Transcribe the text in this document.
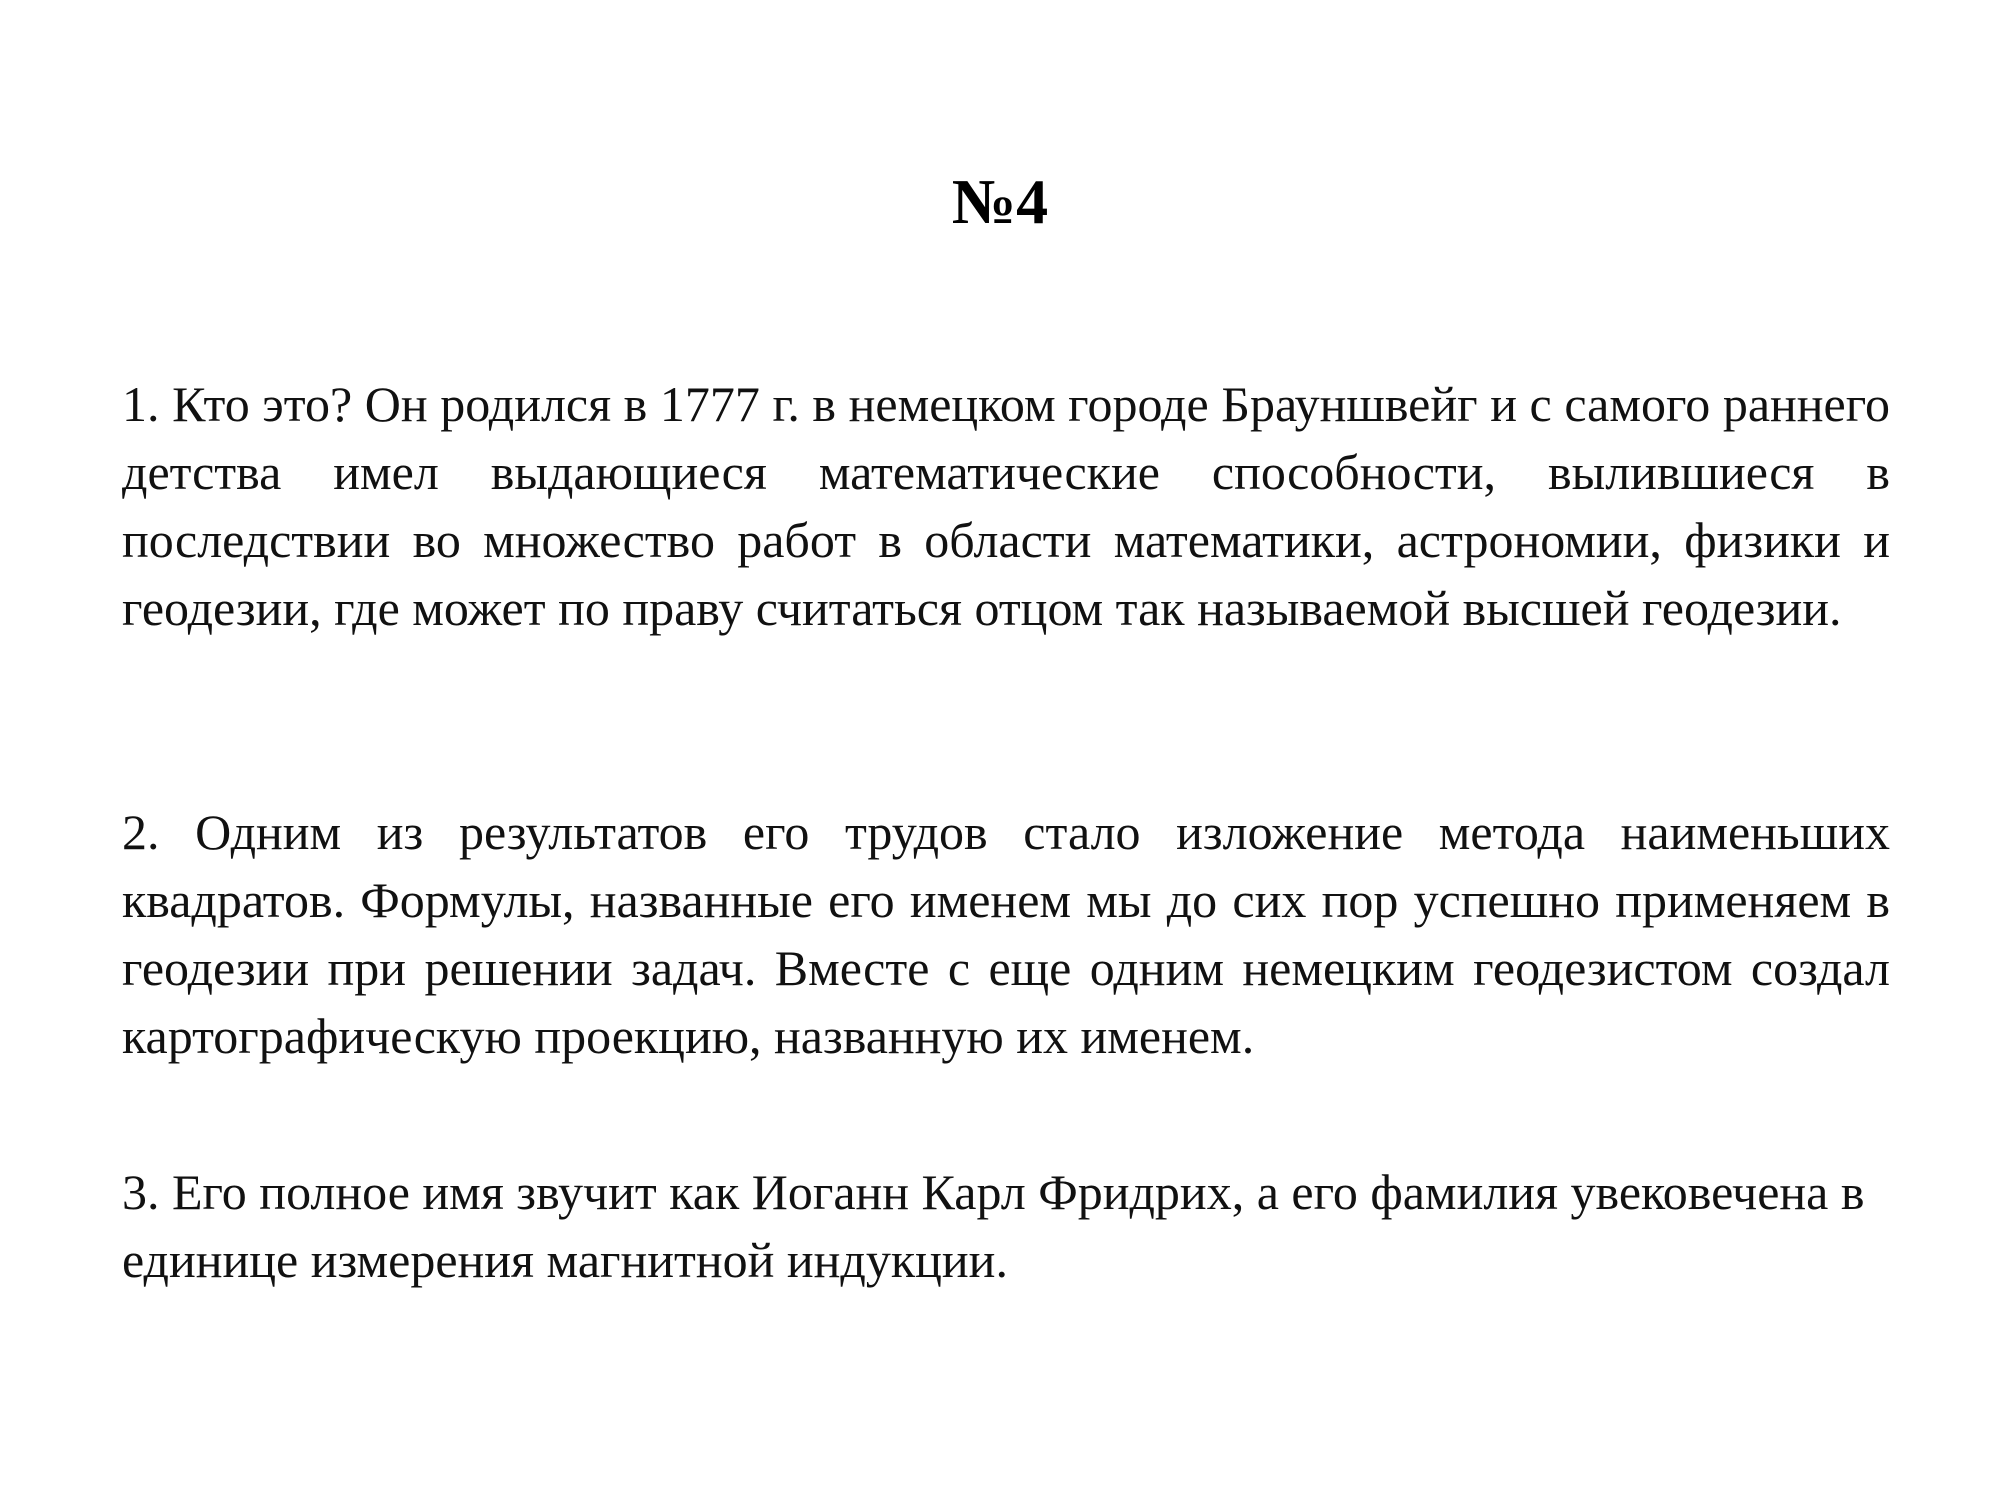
№4

1. Кто это? Он родился в 1777 г. в немецком городе Брауншвейг и с самого раннего детства имел выдающиеся математические способности, вылившиеся в последствии во множество работ в области математики, астрономии, физики и геодезии, где может по праву считаться отцом так называемой высшей геодезии.

2. Одним из результатов его трудов стало изложение метода наименьших квадратов. Формулы, названные его именем мы до сих пор успешно применяем в геодезии при решении задач. Вместе с еще одним немецким геодезистом создал картографическую проекцию, названную их именем.

3. Его полное имя звучит как Иоганн Карл Фридрих, а его фамилия увековечена в единице измерения магнитной индукции.
